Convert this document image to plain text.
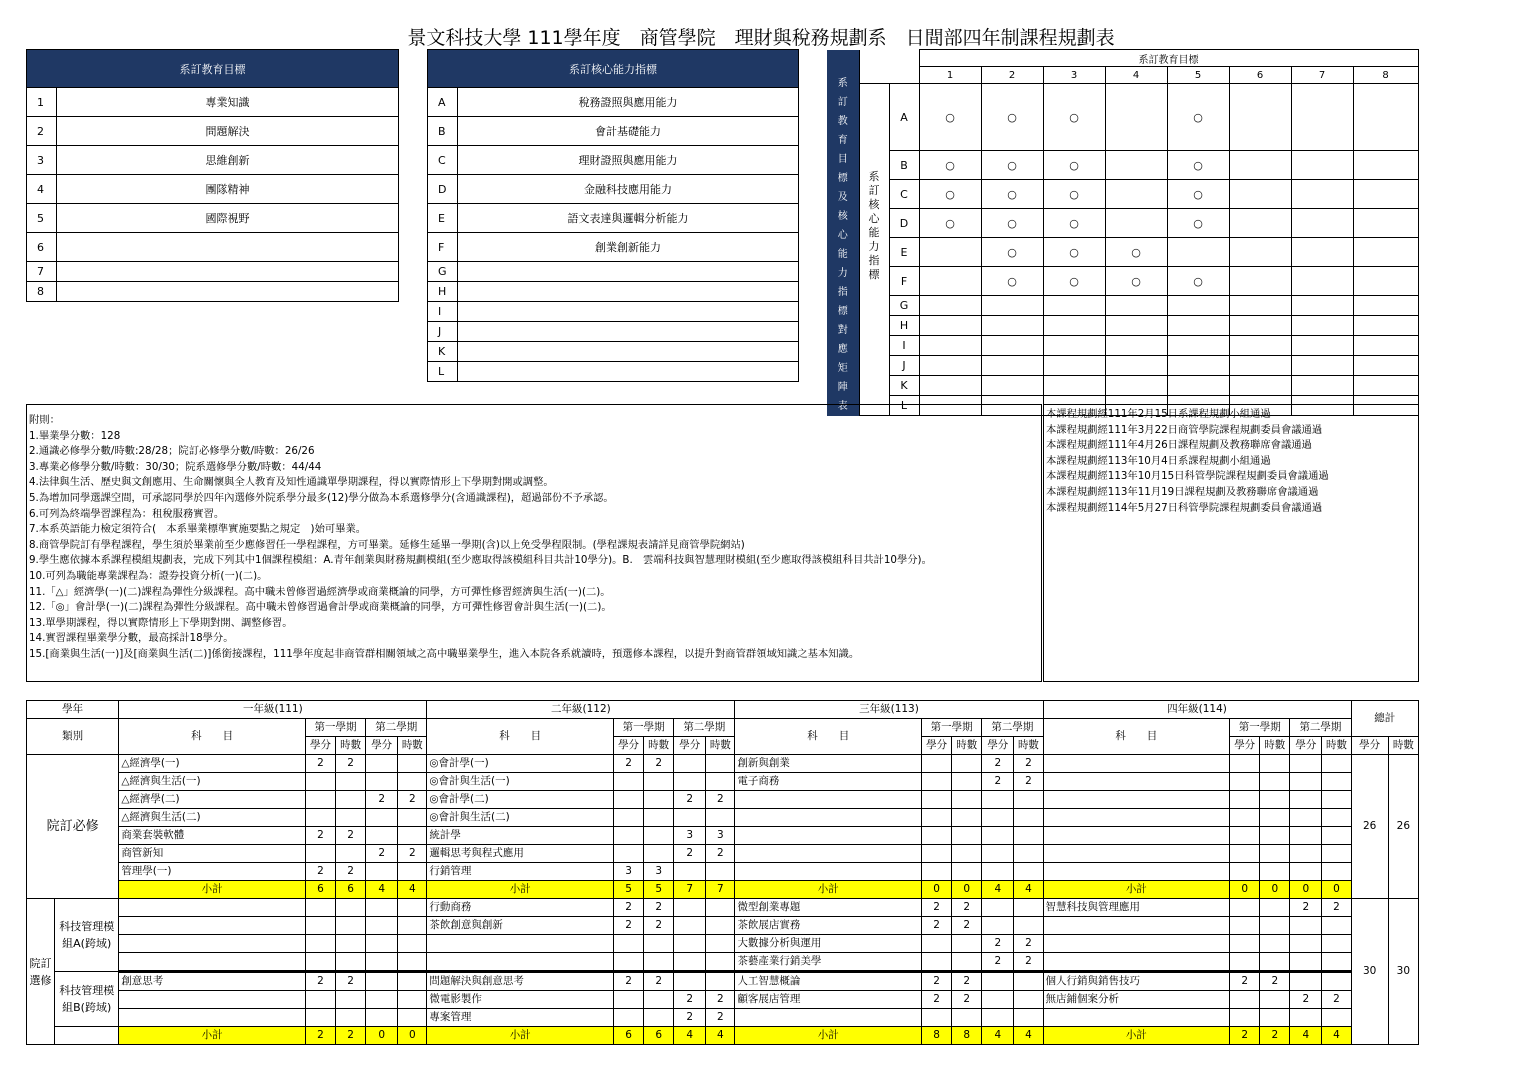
景文科技大學 111學年度　商管學院　理財與稅務規劃系　日間部四年制課程規劃表
系訂教育目標	
1	專業知識
2	問題解決
3	思維創新
4	團隊精神
5	國際視野
6	
7	
8	
系訂核心能力指標	
A	稅務證照與應用能力
B	會計基礎能力
C	理財證照與應用能力
D	金融科技應用能力
E	語文表達與邏輯分析能力
F	創業創新能力
G	
H	
I	
J	
K	
L	
系訂教育目標及核心能力指標對應矩陣表			系訂教育目標							
			1	2	3	4	5	6	7	8
	系訂核心能力指標	A	○	○	○		○			
		B	○	○	○		○			
		C	○	○	○		○			
		D	○	○	○		○			
		E		○	○	○				
		F		○	○	○	○			
		G								
		H								
		I								
		J								
		K								
		L								
附則：
1.畢業學分數：128
2.通識必修學分數/時數:28/28；院訂必修學分數/時數：26/26
3.專業必修學分數/時數：30/30；院系選修學分數/時數：44/44
4.法律與生活、歷史與文創應用、生命關懷與全人教育及知性通識單學期課程，得以實際情形上下學期對開或調整。
5.為增加同學選課空間，可承認同學於四年內選修外院系學分最多(12)學分做為本系選修學分(含通識課程)，超過部份不予承認。
6.可列為終端學習課程為：租稅服務實習。
7.本系英語能力檢定須符合(　本系畢業標準實施要點之規定　)始可畢業。
8.商管學院訂有學程課程，學生須於畢業前至少應修習任一學程課程，方可畢業。延修生延畢一學期(含)以上免受學程限制。(學程課規表請詳見商管學院網站)
9.學生應依據本系課程模組規劃表，完成下列其中1個課程模組：A.青年創業與財務規劃模組(至少應取得該模組科目共計10學分)。B.　雲端科技與智慧理財模組(至少應取得該模組科目共計10學分)。
10.可列為職能專業課程為：證券投資分析(一)(二)。
11.「△」經濟學(一)(二)課程為彈性分級課程。高中職未曾修習過經濟學或商業概論的同學，方可彈性修習經濟與生活(一)(二)。
12.「◎」會計學(一)(二)課程為彈性分級課程。高中職未曾修習過會計學或商業概論的同學，方可彈性修習會計與生活(一)(二)。
13.單學期課程，得以實際情形上下學期對開、調整修習。
14.實習課程畢業學分數，最高採計18學分。
15.[商業與生活(一)]及[商業與生活(二)]係銜接課程，111學年度起非商管群相關領域之高中職畢業學生，進入本院各系就讀時，預選修本課程，以提升對商管群領域知識之基本知識。
本課程規劃經111年2月15日系課程規劃小組通過
本課程規劃經111年3月22日商管學院課程規劃委員會議通過
本課程規劃經111年4月26日課程規劃及教務聯席會議通過
本課程規劃經113年10月4日系課程規劃小組通過
本課程規劃經113年10月15日科管學院課程規劃委員會議通過
本課程規劃經113年11月19日課程規劃及教務聯席會議通過
本課程規劃經114年5月27日科管學院課程規劃委員會議通過
學年		一年級(111)					二年級(112)					三年級(113)					四年級(114)					總計	
類別		科　　目	第一學期		第二學期		科　　目	第一學期		第二學期		科　　目	第一學期		第二學期		科　　目	第一學期		第二學期			
			學分	時數	學分	時數		學分	時數	學分	時數		學分	時數	學分	時數		學分	時數	學分	時數	學分	時數
院訂必修		△經濟學(一)	2	2			◎會計學(一)	2	2			創新與創業			2	2						26	26
		△經濟與生活(一)					◎會計與生活(一)					電子商務			2	2							
		△經濟學(二)			2	2	◎會計學(二)			2	2												
		△經濟與生活(二)					◎會計與生活(二)																
		商業套裝軟體	2	2			統計學			3	3												
		商管新知			2	2	邏輯思考與程式應用			2	2												
		管理學(一)	2	2			行銷管理	3	3														
		小計	6	6	4	4	小計	5	5	7	7	小計	0	0	4	4	小計	0	0	0	0		
院訂選修	科技管理模組A(跨域)						行動商務	2	2			微型創業專題	2	2			智慧科技與管理應用			2	2	30	30
							茶飲創意與創新	2	2			茶飲展店實務	2	2									
												大數據分析與運用			2	2							
												茶藝產業行銷美學			2	2							
	科技管理模組B(跨域)	創意思考	2	2			問題解決與創意思考	2	2			人工智慧概論	2	2			個人行銷與銷售技巧	2	2				
							微電影製作			2	2	顧客展店管理	2	2			無店鋪個案分析			2	2		
							專案管理			2	2												
		小計	2	2	0	0	小計	6	6	4	4	小計	8	8	4	4	小計	2	2	4	4		
